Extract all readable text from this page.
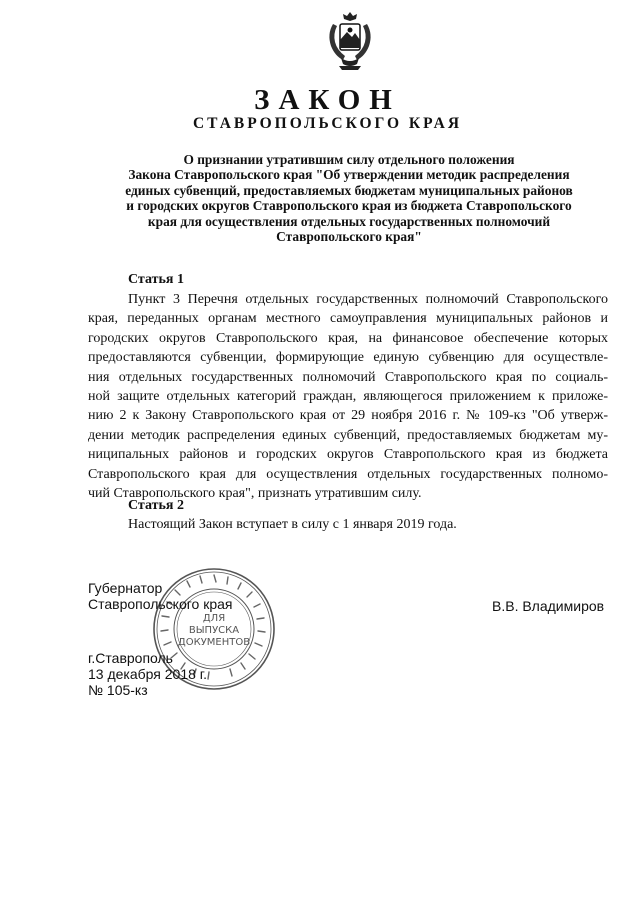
ЗАКОН
СТАВРОПОЛЬСКОГО КРАЯ
О признании утратившим силу отдельного положения
Закона Ставропольского края "Об утверждении методик распределения
единых субвенций, предоставляемых бюджетам муниципальных районов
и городских округов Ставропольского края из бюджета Ставропольского
края для осуществления отдельных государственных полномочий
Ставропольского края"
Статья 1
Пункт 3 Перечня отдельных государственных полномочий Ставропольского
края, переданных органам местного самоуправления муниципальных районов и
городских округов Ставропольского края, на финансовое обеспечение которых
предоставляются субвенции, формирующие единую субвенцию для осуществле-
ния отдельных государственных полномочий Ставропольского края по социаль-
ной защите отдельных категорий граждан, являющегося приложением к приложе-
нию 2 к Закону Ставропольского края от 29 ноября 2016 г. № 109-кз "Об утверж-
дении методик распределения единых субвенций, предоставляемых бюджетам му-
ниципальных районов и городских округов Ставропольского края из бюджета
Ставропольского края для осуществления отдельных государственных полномо-
чий Ставропольского края", признать утратившим силу.
Статья 2
Настоящий Закон вступает в силу с 1 января 2019 года.
ДЛЯ
ВЫПУСКА
ДОКУМЕНТОВ
Губернатор
Ставропольского края	В.В. Владимиров
г.Ставрополь
13 декабря 2018 г.
№ 105-кз
